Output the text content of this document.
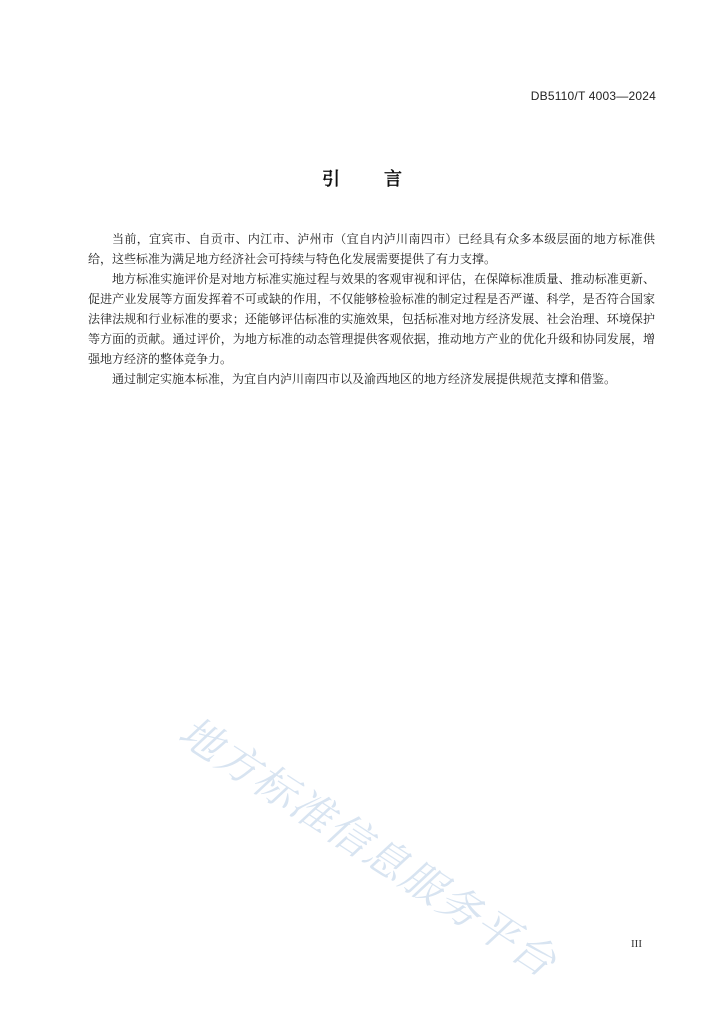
DB5110/T 4003—2024
引 言

当前，宜宾市、自贡市、内江市、泸州市（宜自内泸川南四市）已经具有众多本级层面的地方标准供给，这些标准为满足地方经济社会可持续与特色化发展需要提供了有力支撑。

地方标准实施评价是对地方标准实施过程与效果的客观审视和评估，在保障标准质量、推动标准更新、促进产业发展等方面发挥着不可或缺的作用，不仅能够检验标准的制定过程是否严谨、科学，是否符合国家法律法规和行业标准的要求；还能够评估标准的实施效果，包括标准对地方经济发展、社会治理、环境保护等方面的贡献。通过评价，为地方标准的动态管理提供客观依据，推动地方产业的优化升级和协同发展，增强地方经济的整体竞争力。

通过制定实施本标准，为宜自内泸川南四市以及渝西地区的地方经济发展提供规范支撑和借鉴。

地方标准信息服务平台	III
